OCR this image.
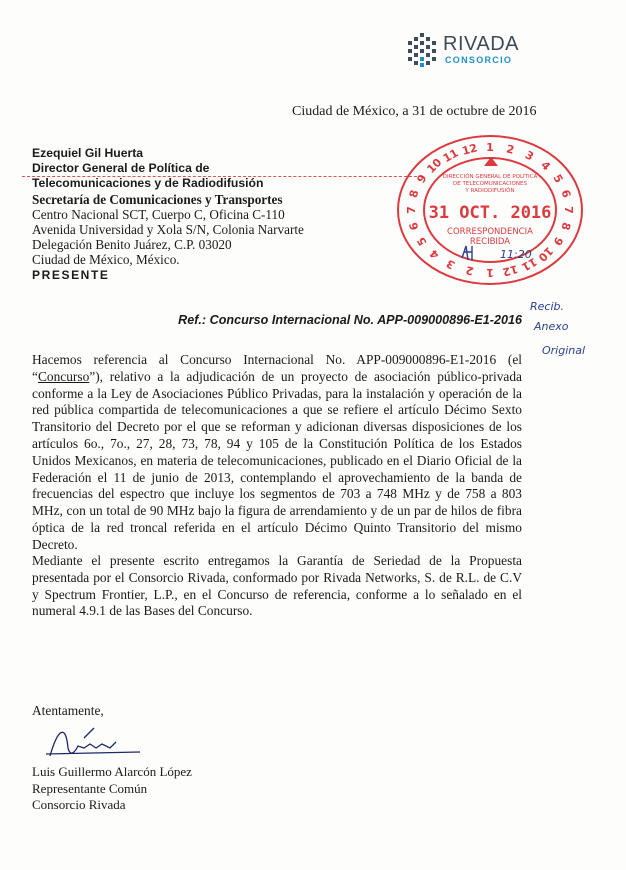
RIVADA
CONSORCIO
Ciudad de México, a 31 de octubre de 2016
Ezequiel Gil Huerta
Director General de Política de
Telecomunicaciones y de Radiodifusión
Secretaría de Comunicaciones y Transportes
Centro Nacional SCT, Cuerpo C, Oficina C-110
Avenida Universidad y Xola S/N, Colonia Narvarte
Delegación Benito Juárez, C.P. 03020
Ciudad de México, México.
PRESENTE
1 2 3
4
5
6
7
8
9
10
11
12
1
2
3
4
5
6
7
8
9
10
11 12
DIRECCIÓN GENERAL DE POLÍTICA
DE TELECOMUNICACIONES
Y RADIODIFUSIÓN
31 OCT. 2016
CORRESPONDENCIA
RECIBIDA
11:20
Ref.: Concurso Internacional No. APP-009000896-E1-2016
Recib.
Anexo
Original
Hacemos referencia al Concurso Internacional No. APP-009000896-E1-2016 (el “Concurso”), relativo a la adjudicación de un proyecto de asociación público-privada conforme a la Ley de Asociaciones Público Privadas, para la instalación y operación de la red pública compartida de telecomunicaciones a que se refiere el artículo Décimo Sexto Transitorio del Decreto por el que se reforman y adicionan diversas disposiciones de los artículos 6o., 7o., 27, 28, 73, 78, 94 y 105 de la Constitución Política de los Estados Unidos Mexicanos, en materia de telecomunicaciones, publicado en el Diario Oficial de la Federación el 11 de junio de 2013, contemplando el aprovechamiento de la banda de frecuencias del espectro que incluye los segmentos de 703 a 748 MHz y de 758 a 803 MHz, con un total de 90 MHz bajo la figura de arrendamiento y de un par de hilos de fibra óptica de la red troncal referida en el artículo Décimo Quinto Transitorio del mismo Decreto.
Mediante el presente escrito entregamos la Garantía de Seriedad de la Propuesta presentada por el Consorcio Rivada, conformado por Rivada Networks, S. de R.L. de C.V y Spectrum Frontier, L.P., en el Concurso de referencia, conforme a lo señalado en el numeral 4.9.1 de las Bases del Concurso.
Atentamente,
Luis Guillermo Alarcón López
Representante Común
Consorcio Rivada
